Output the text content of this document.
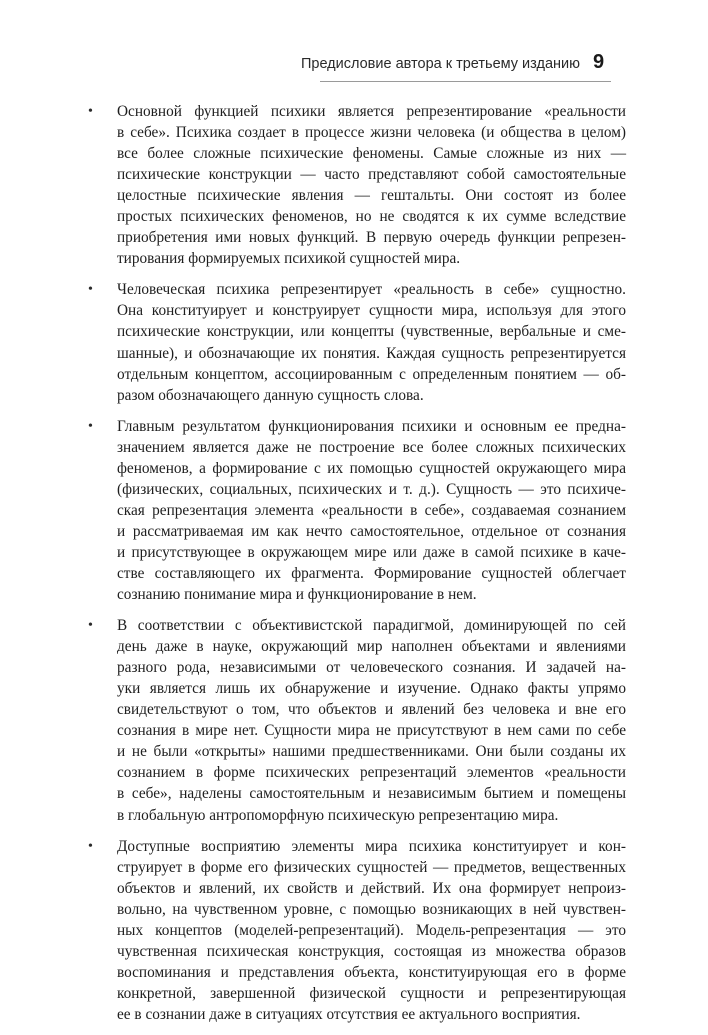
Предисловие автора к третьему изданию 9
• Основной функцией психики является репрезентирование «реальности
в себе». Психика создает в процессе жизни человека (и общества в целом)
все более сложные психические феномены. Самые сложные из них —
психические конструкции — часто представляют собой самостоятельные
целостные психические явления — гештальты. Они состоят из более
простых психических феноменов, но не сводятся к их сумме вследствие
приобретения ими новых функций. В первую очередь функции репрезен-
тирования формируемых психикой сущностей мира.
• Человеческая психика репрезентирует «реальность в себе» сущностно.
Она конституирует и конструирует сущности мира, используя для этого
психические конструкции, или концепты (чувственные, вербальные и сме-
шанные), и обозначающие их понятия. Каждая сущность репрезентируется
отдельным концептом, ассоциированным с определенным понятием — об-
разом обозначающего данную сущность слова.
• Главным результатом функционирования психики и основным ее предна-
значением является даже не построение все более сложных психических
феноменов, а формирование с их помощью сущностей окружающего мира
(физических, социальных, психических и т. д.). Сущность — это психиче-
ская репрезентация элемента «реальности в себе», создаваемая сознанием
и рассматриваемая им как нечто самостоятельное, отдельное от сознания
и присутствующее в окружающем мире или даже в самой психике в каче-
стве составляющего их фрагмента. Формирование сущностей облегчает
сознанию понимание мира и функционирование в нем.
• В соответствии с объективистской парадигмой, доминирующей по сей
день даже в науке, окружающий мир наполнен объектами и явлениями
разного рода, независимыми от человеческого сознания. И задачей на-
уки является лишь их обнаружение и изучение. Однако факты упрямо
свидетельствуют о том, что объектов и явлений без человека и вне его
сознания в мире нет. Сущности мира не присутствуют в нем сами по себе
и не были «открыты» нашими предшественниками. Они были созданы их
сознанием в форме психических репрезентаций элементов «реальности
в себе», наделены самостоятельным и независимым бытием и помещены
в глобальную антропоморфную психическую репрезентацию мира.
• Доступные восприятию элементы мира психика конституирует и кон-
струирует в форме его физических сущностей — предметов, вещественных
объектов и явлений, их свойств и действий. Их она формирует непроиз-
вольно, на чувственном уровне, с помощью возникающих в ней чувствен-
ных концептов (моделей-репрезентаций). Модель-репрезентация — это
чувственная психическая конструкция, состоящая из множества образов
воспоминания и представления объекта, конституирующая его в форме
конкретной, завершенной физической сущности и репрезентирующая
ее в сознании даже в ситуациях отсутствия ее актуального восприятия.
